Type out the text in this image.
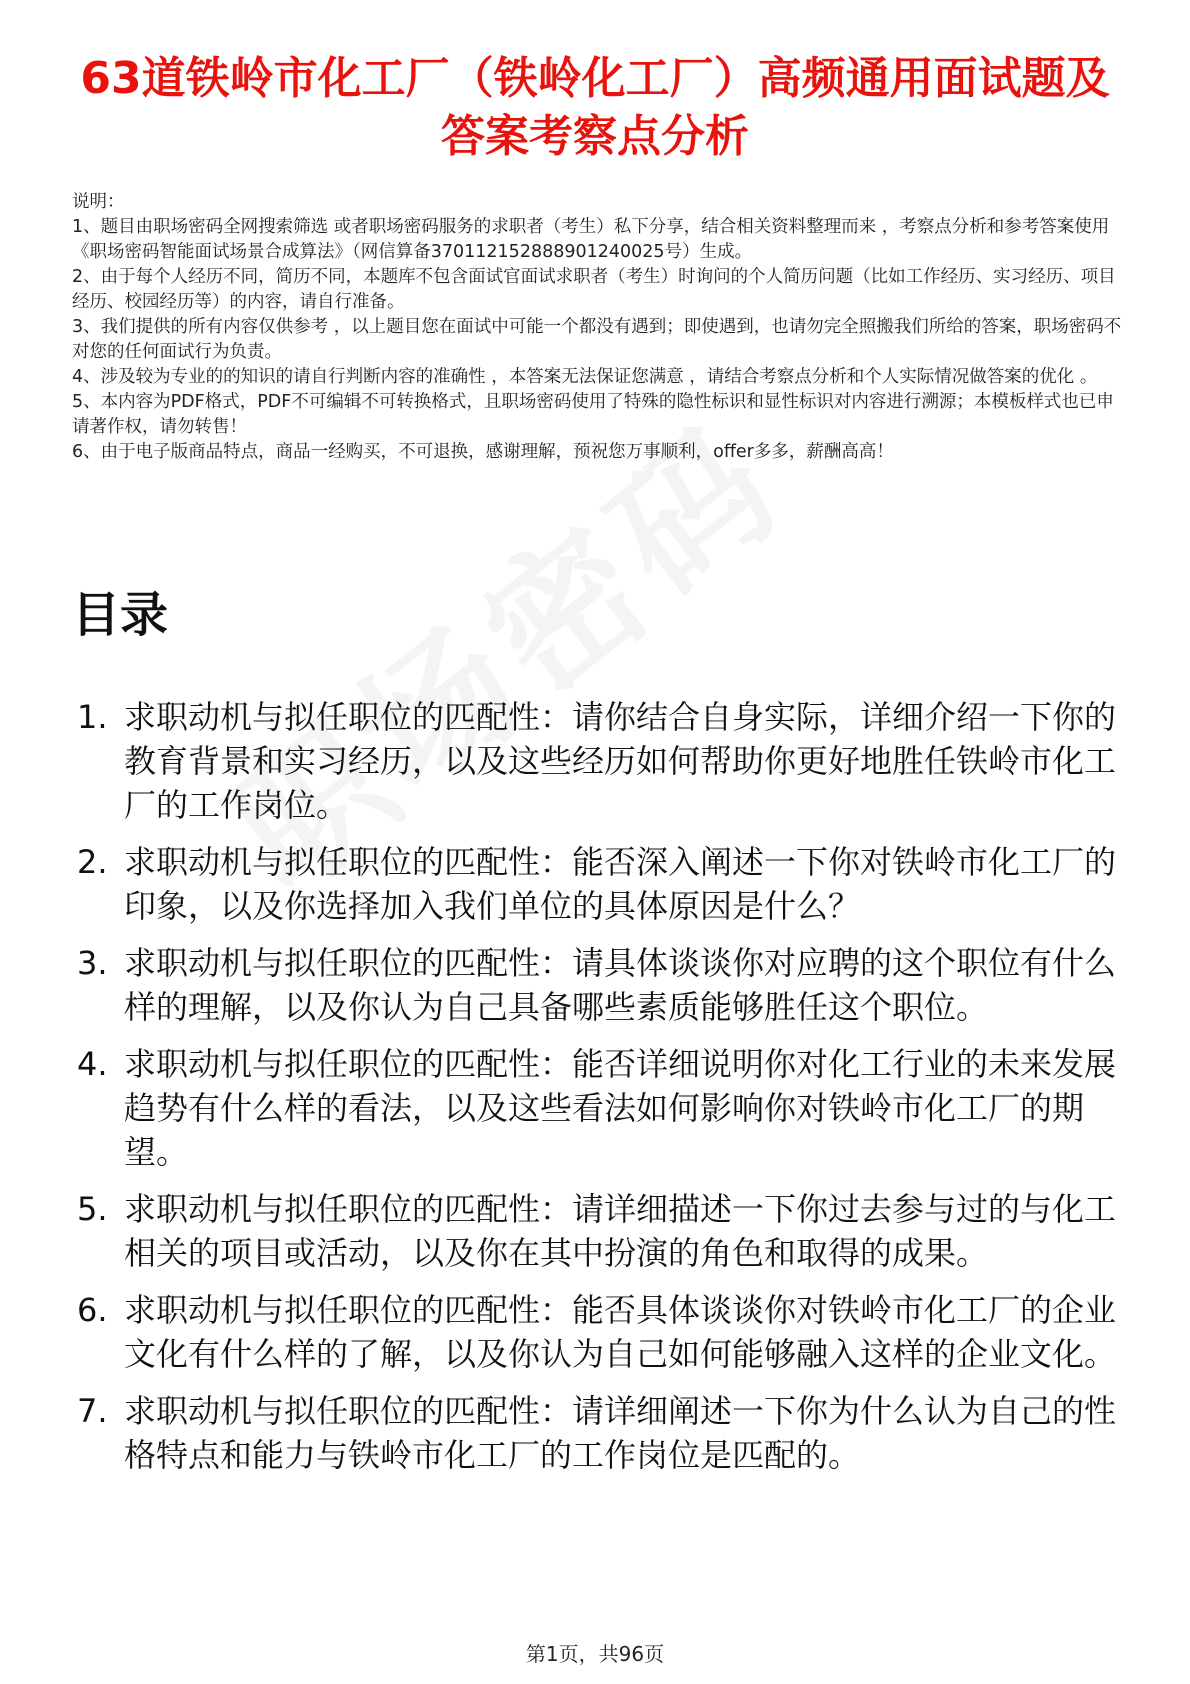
63道铁岭市化工厂（铁岭化工厂）高频通用面试题及答案考察点分析

说明：

1、题目由职场密码全网搜索筛选 或者职场密码服务的求职者（考生）私下分享，结合相关资料整理而来 ，考察点分析和参考答案使用《职场密码智能面试场景合成算法》（网信算备370112152888901240025号）生成。

2、由于每个人经历不同，简历不同，本题库不包含面试官面试求职者（考生）时询问的个人简历问题（比如工作经历、实习经历、项目经历、校园经历等）的内容，请自行准备。

3、我们提供的所有内容仅供参考 ，以上题目您在面试中可能一个都没有遇到；即使遇到，也请勿完全照搬我们所给的答案，职场密码不对您的任何面试行为负责。

4、涉及较为专业的的知识的请自行判断内容的准确性 ，本答案无法保证您满意 ，请结合考察点分析和个人实际情况做答案的优化 。

5、本内容为PDF格式，PDF不可编辑不可转换格式，且职场密码使用了特殊的隐性标识和显性标识对内容进行溯源；本模板样式也已申请著作权，请勿转售！

6、由于电子版商品特点，商品一经购买，不可退换，感谢理解，预祝您万事顺利，offer多多，薪酬高高！

目录
1. 求职动机与拟任职位的匹配性：请你结合自身实际，详细介绍一下你的教育背景和实习经历，以及这些经历如何帮助你更好地胜任铁岭市化工厂的工作岗位。
2. 求职动机与拟任职位的匹配性：能否深入阐述一下你对铁岭市化工厂的印象，以及你选择加入我们单位的具体原因是什么？
3. 求职动机与拟任职位的匹配性：请具体谈谈你对应聘的这个职位有什么样的理解，以及你认为自己具备哪些素质能够胜任这个职位。
4. 求职动机与拟任职位的匹配性：能否详细说明你对化工行业的未来发展趋势有什么样的看法，以及这些看法如何影响你对铁岭市化工厂的期望。
5. 求职动机与拟任职位的匹配性：请详细描述一下你过去参与过的与化工相关的项目或活动，以及你在其中扮演的角色和取得的成果。
6. 求职动机与拟任职位的匹配性：能否具体谈谈你对铁岭市化工厂的企业文化有什么样的了解，以及你认为自己如何能够融入这样的企业文化。
7. 求职动机与拟任职位的匹配性：请详细阐述一下你为什么认为自己的性格特点和能力与铁岭市化工厂的工作岗位是匹配的。
第1页，共96页
